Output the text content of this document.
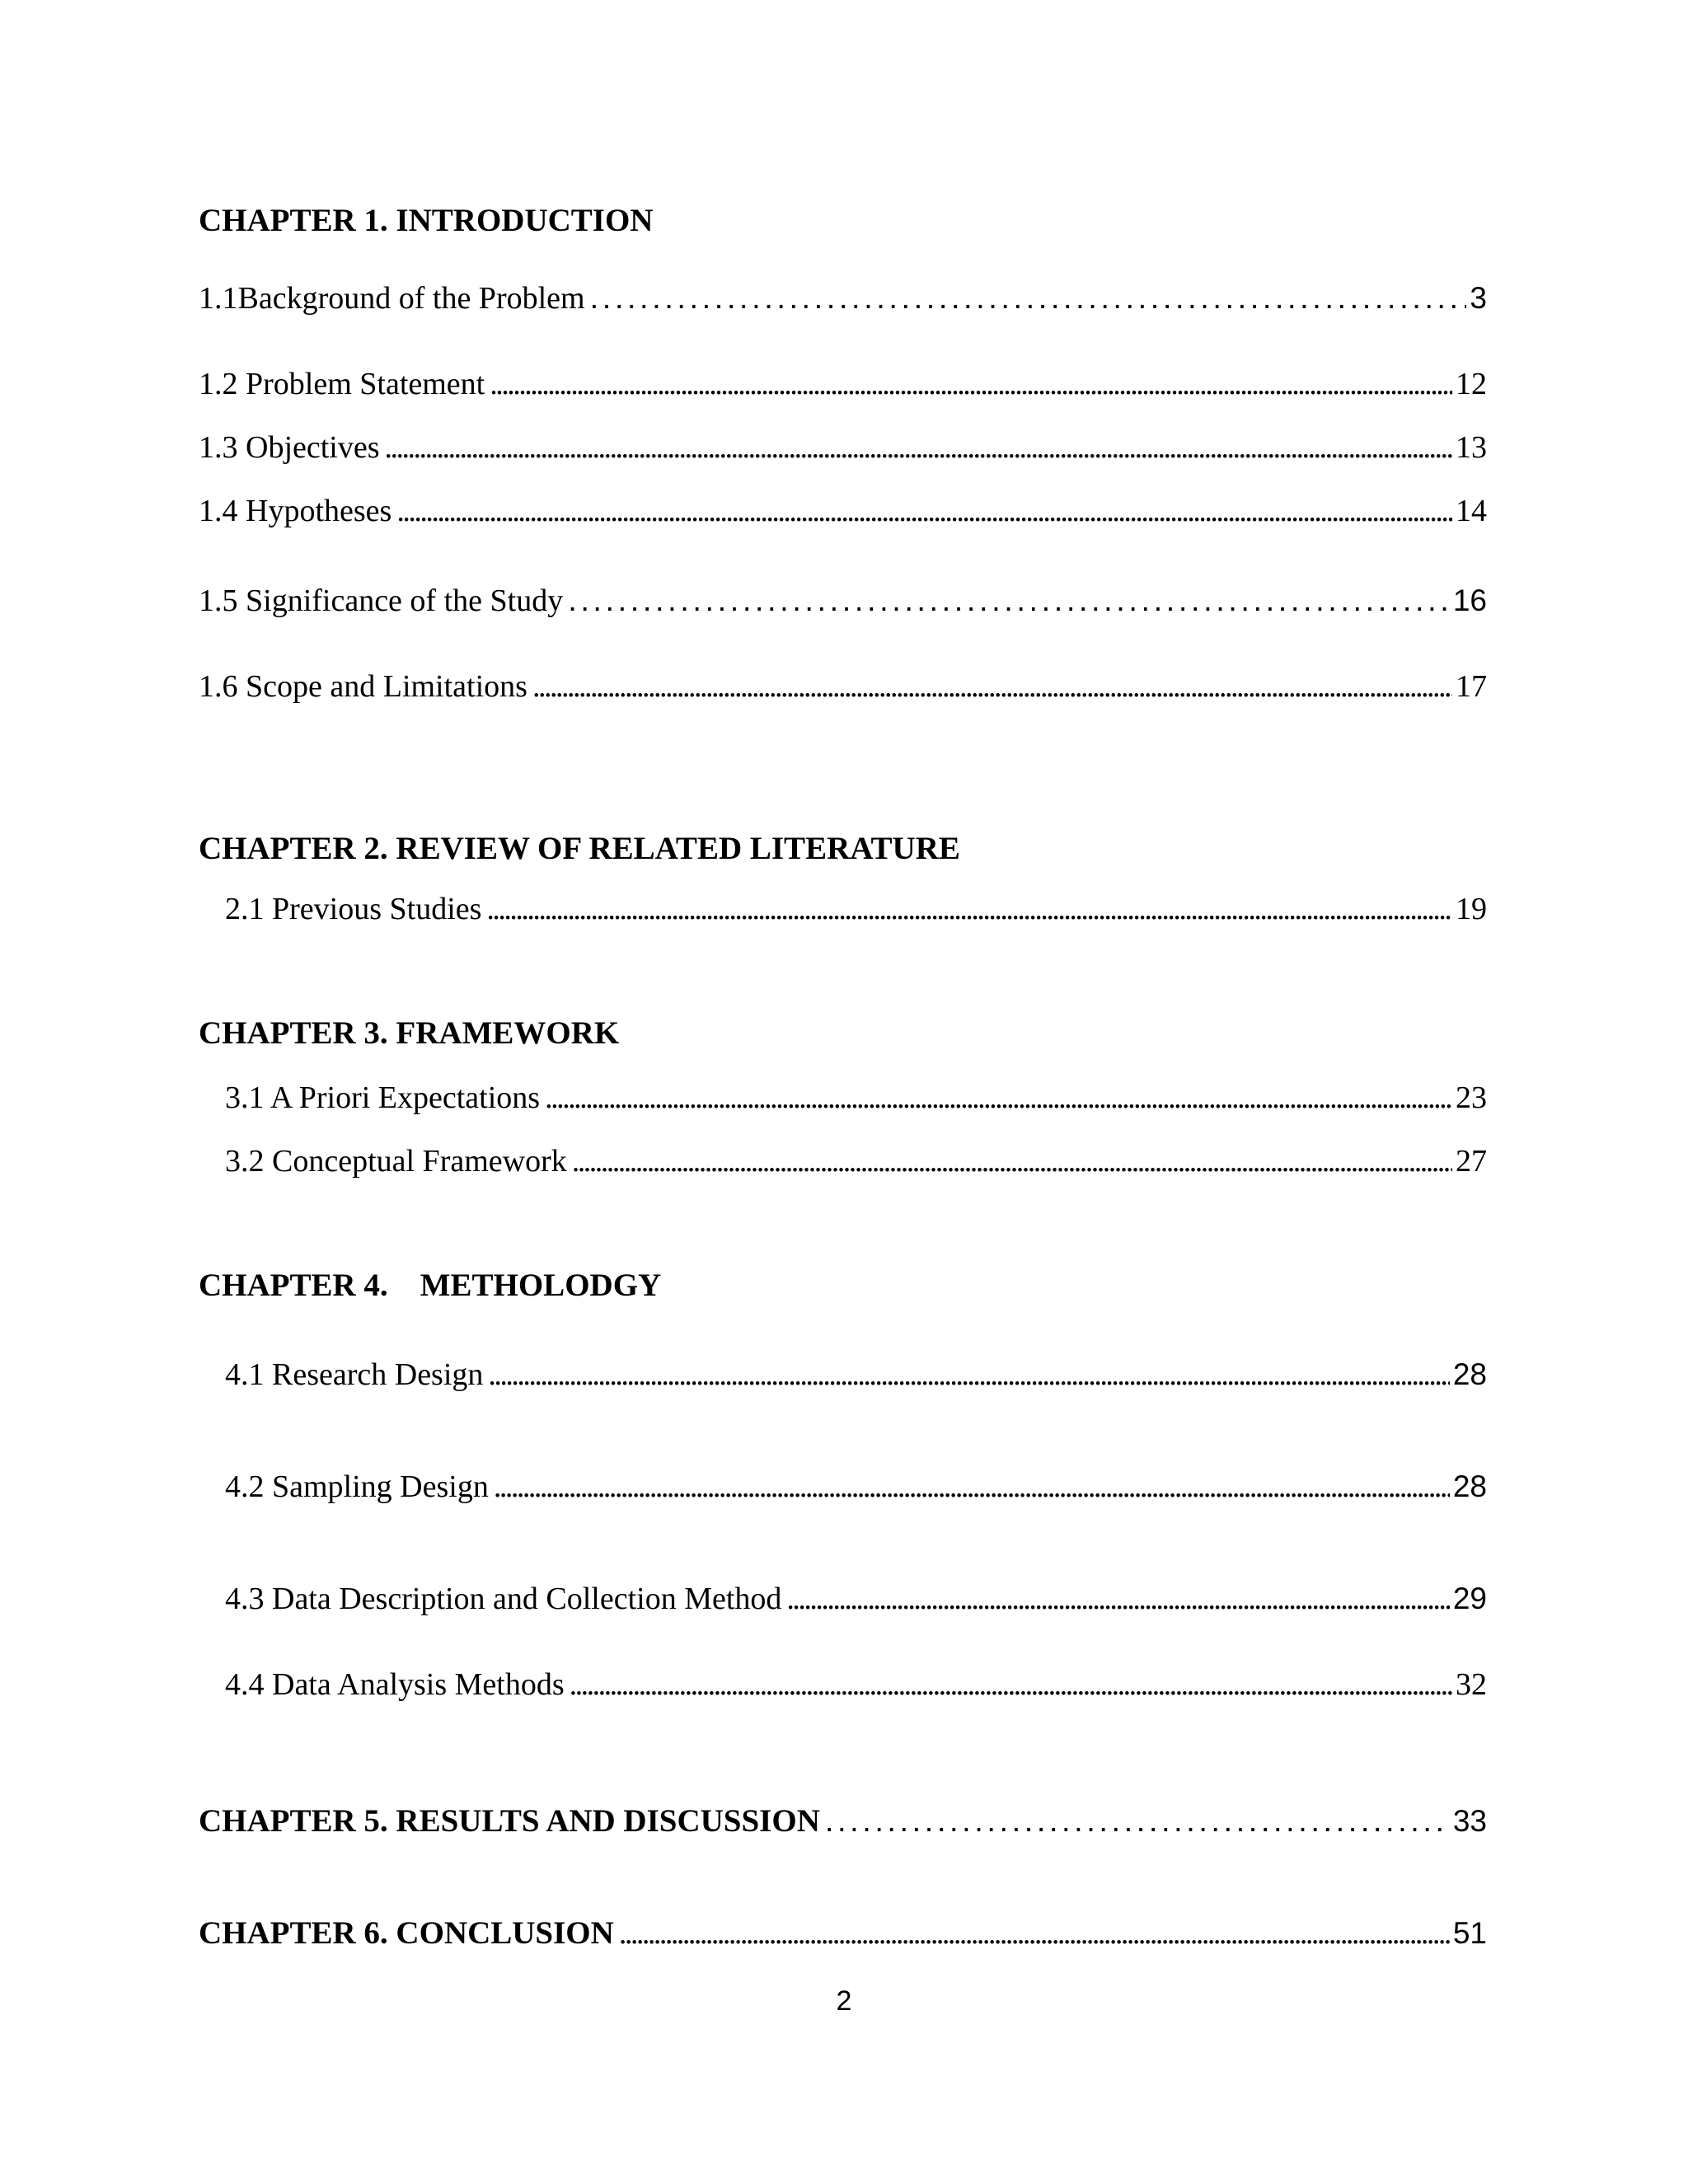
CHAPTER 1. INTRODUCTION
1.1Background of the Problem . . .	3
1.2 Problem Statement . . .	12
1.3 Objectives . . .	13
1.4 Hypotheses . . .	14
1.5 Significance of the Study . . .	16
1.6 Scope and Limitations . . .	17
CHAPTER 2. REVIEW OF RELATED LITERATURE
2.1 Previous Studies . . .	19
CHAPTER 3. FRAMEWORK
3.1 A Priori Expectations . . .	23
3.2 Conceptual Framework . . .	27
CHAPTER 4.    METHOLODGY
4.1 Research Design . . .	28
4.2 Sampling Design . . .	28
4.3 Data Description and Collection Method . . .	29
4.4 Data Analysis Methods . . .	32
CHAPTER 5. RESULTS AND DISCUSSION . . .	33
CHAPTER 6. CONCLUSION . . .	51
2
